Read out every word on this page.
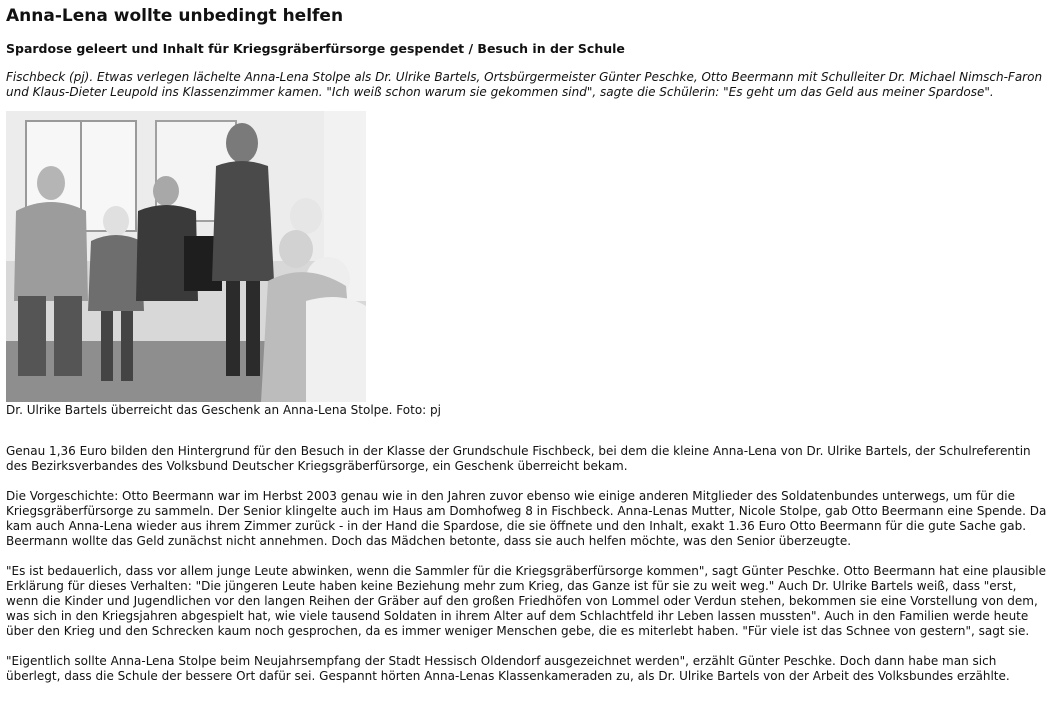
Anna-Lena wollte unbedingt helfen
Spardose geleert und Inhalt für Kriegsgräberfürsorge gespendet / Besuch in der Schule

Fischbeck (pj). Etwas verlegen lächelte Anna-Lena Stolpe als Dr. Ulrike Bartels, Ortsbürgermeister Günter Peschke, Otto Beermann mit Schulleiter Dr. Michael Nimsch-Faron und Klaus-Dieter Leupold ins Klassenzimmer kamen. "Ich weiß schon warum sie gekommen sind", sagte die Schülerin: "Es geht um das Geld aus meiner Spardose".

Dr. Ulrike Bartels überreicht das Geschenk an Anna-Lena Stolpe. Foto: pj

Genau 1,36 Euro bilden den Hintergrund für den Besuch in der Klasse der Grundschule Fischbeck, bei dem die kleine Anna-Lena von Dr. Ulrike Bartels, der Schulreferentin des Bezirksverbandes des Volksbund Deutscher Kriegsgräberfürsorge, ein Geschenk überreicht bekam.

Die Vorgeschichte: Otto Beermann war im Herbst 2003 genau wie in den Jahren zuvor ebenso wie einige anderen Mitglieder des Soldatenbundes unterwegs, um für die Kriegsgräberfürsorge zu sammeln. Der Senior klingelte auch im Haus am Domhofweg 8 in Fischbeck. Anna-Lenas Mutter, Nicole Stolpe, gab Otto Beermann eine Spende. Da kam auch Anna-Lena wieder aus ihrem Zimmer zurück - in der Hand die Spardose, die sie öffnete und den Inhalt, exakt 1.36 Euro Otto Beermann für die gute Sache gab. Beermann wollte das Geld zunächst nicht annehmen. Doch das Mädchen betonte, dass sie auch helfen möchte, was den Senior überzeugte.

"Es ist bedauerlich, dass vor allem junge Leute abwinken, wenn die Sammler für die Kriegsgräberfürsorge kommen", sagt Günter Peschke. Otto Beermann hat eine plausible Erklärung für dieses Verhalten: "Die jüngeren Leute haben keine Beziehung mehr zum Krieg, das Ganze ist für sie zu weit weg." Auch Dr. Ulrike Bartels weiß, dass "erst, wenn die Kinder und Jugendlichen vor den langen Reihen der Gräber auf den großen Friedhöfen von Lommel oder Verdun stehen, bekommen sie eine Vorstellung von dem, was sich in den Kriegsjahren abgespielt hat, wie viele tausend Soldaten in ihrem Alter auf dem Schlachtfeld ihr Leben lassen mussten". Auch in den Familien werde heute über den Krieg und den Schrecken kaum noch gesprochen, da es immer weniger Menschen gebe, die es miterlebt haben. "Für viele ist das Schnee von gestern", sagt sie.

"Eigentlich sollte Anna-Lena Stolpe beim Neujahrsempfang der Stadt Hessisch Oldendorf ausgezeichnet werden", erzählt Günter Peschke. Doch dann habe man sich überlegt, dass die Schule der bessere Ort dafür sei. Gespannt hörten Anna-Lenas Klassenkameraden zu, als Dr. Ulrike Bartels von der Arbeit des Volksbundes erzählte.
